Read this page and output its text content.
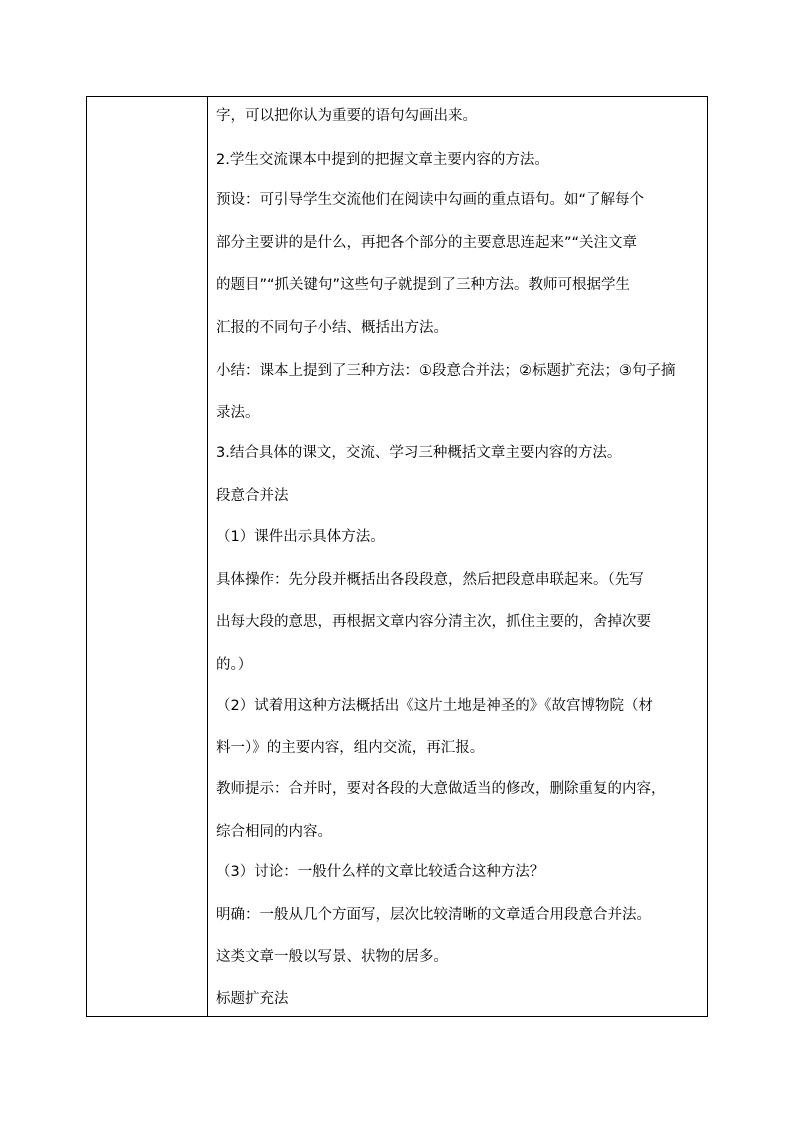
字，可以把你认为重要的语句勾画出来。
2.学生交流课本中提到的把握文章主要内容的方法。
预设：可引导学生交流他们在阅读中勾画的重点语句。如“了解每个
部分主要讲的是什么，再把各个部分的主要意思连起来”“关注文章
的题目”“抓关键句”这些句子就提到了三种方法。教师可根据学生
汇报的不同句子小结、概括出方法。
小结：课本上提到了三种方法：①段意合并法；②标题扩充法；③句子摘
录法。
3.结合具体的课文，交流、学习三种概括文章主要内容的方法。
段意合并法
（1）课件出示具体方法。
具体操作：先分段并概括出各段段意，然后把段意串联起来。（先写
出每大段的意思，再根据文章内容分清主次，抓住主要的，舍掉次要
的。）
（2）试着用这种方法概括出《这片土地是神圣的》《故宫博物院（材
料一）》的主要内容，组内交流，再汇报。
教师提示：合并时，要对各段的大意做适当的修改，删除重复的内容，
综合相同的内容。
（3）讨论：一般什么样的文章比较适合这种方法？
明确：一般从几个方面写，层次比较清晰的文章适合用段意合并法。
这类文章一般以写景、状物的居多。
标题扩充法
